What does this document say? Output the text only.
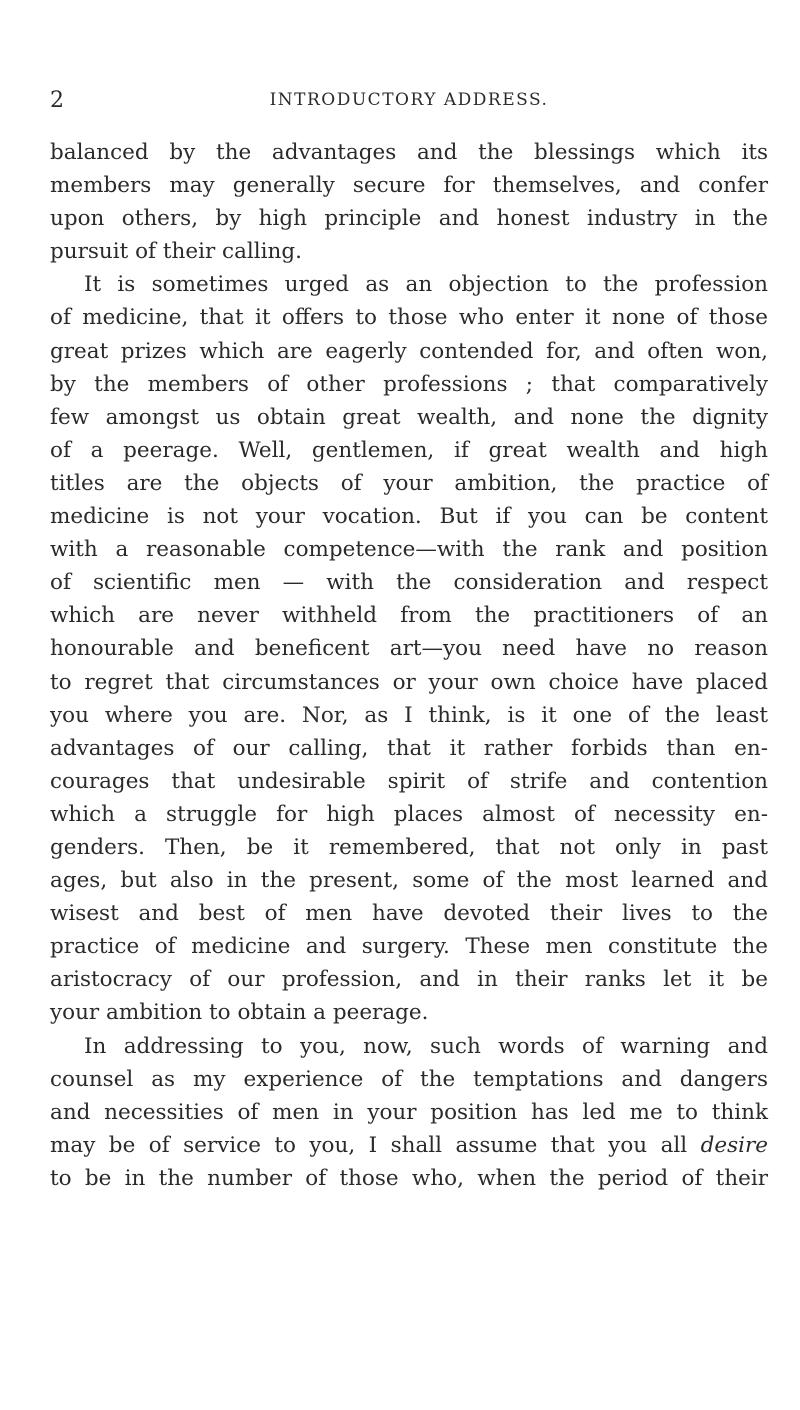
2	INTRODUCTORY ADDRESS.
balanced by the advantages and the blessings which its
members may generally secure for themselves, and confer
upon others, by high principle and honest industry in the
pursuit of their calling.
It is sometimes urged as an objection to the profession
of medicine, that it offers to those who enter it none of those
great prizes which are eagerly contended for, and often won,
by the members of other professions ; that comparatively
few amongst us obtain great wealth, and none the dignity
of a peerage. Well, gentlemen, if great wealth and high
titles are the objects of your ambition, the practice of
medicine is not your vocation. But if you can be content
with a reasonable competence—with the rank and position
of scientific men — with the consideration and respect
which are never withheld from the practitioners of an
honourable and beneficent art—you need have no reason
to regret that circumstances or your own choice have placed
you where you are. Nor, as I think, is it one of the least
advantages of our calling, that it rather forbids than en-
courages that undesirable spirit of strife and contention
which a struggle for high places almost of necessity en-
genders. Then, be it remembered, that not only in past
ages, but also in the present, some of the most learned and
wisest and best of men have devoted their lives to the
practice of medicine and surgery. These men constitute the
aristocracy of our profession, and in their ranks let it be
your ambition to obtain a peerage.
In addressing to you, now, such words of warning and
counsel as my experience of the temptations and dangers
and necessities of men in your position has led me to think
may be of service to you, I shall assume that you all desire
to be in the number of those who, when the period of their
